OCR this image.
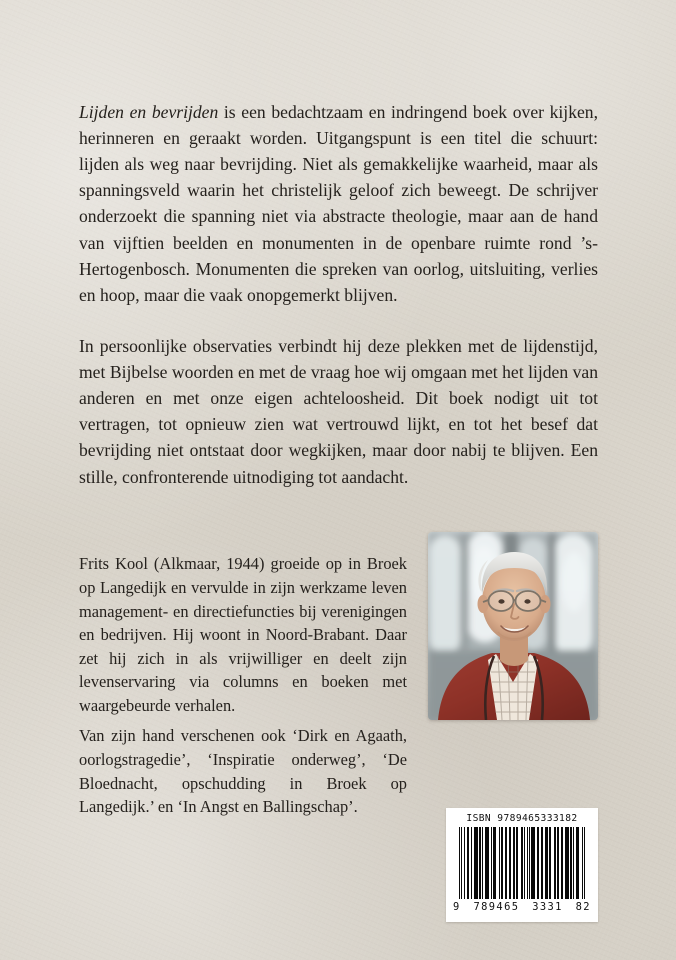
Lijden en bevrijden is een bedachtzaam en indringend boek over kijken, herinneren en geraakt worden. Uitgangspunt is een titel die schuurt: lijden als weg naar bevrijding. Niet als gemakkelijke waarheid, maar als spanningsveld waarin het christelijk geloof zich beweegt. De schrijver onderzoekt die spanning niet via abstracte theologie, maar aan de hand van vijftien beelden en monumenten in de openbare ruimte rond ’s-Hertogenbosch. Monumenten die spreken van oorlog, uitsluiting, verlies en hoop, maar die vaak onopgemerkt blijven.

In persoonlijke observaties verbindt hij deze plekken met de lijdenstijd, met Bijbelse woorden en met de vraag hoe wij omgaan met het lijden van anderen en met onze eigen achteloosheid. Dit boek nodigt uit tot vertragen, tot opnieuw zien wat vertrouwd lijkt, en tot het besef dat bevrijding niet ontstaat door wegkijken, maar door nabij te blijven. Een stille, confronterende uitnodiging tot aandacht.

Frits Kool (Alkmaar, 1944) groeide op in Broek op Langedijk en vervulde in zijn werkzame leven management- en directiefuncties bij verenigingen en bedrijven. Hij woont in Noord-Brabant. Daar zet hij zich in als vrijwilliger en deelt zijn levenservaring via columns en boeken met waargebeurde verhalen.

Van zijn hand verschenen ook ‘Dirk en Agaath, oorlogstragedie’, ‘Inspiratie onderweg’, ‘De Bloednacht, opschudding in Broek op Langedijk.’ en ‘In Angst en Ballingschap’.

ISBN 9789465333182
9 789465 3331 82
